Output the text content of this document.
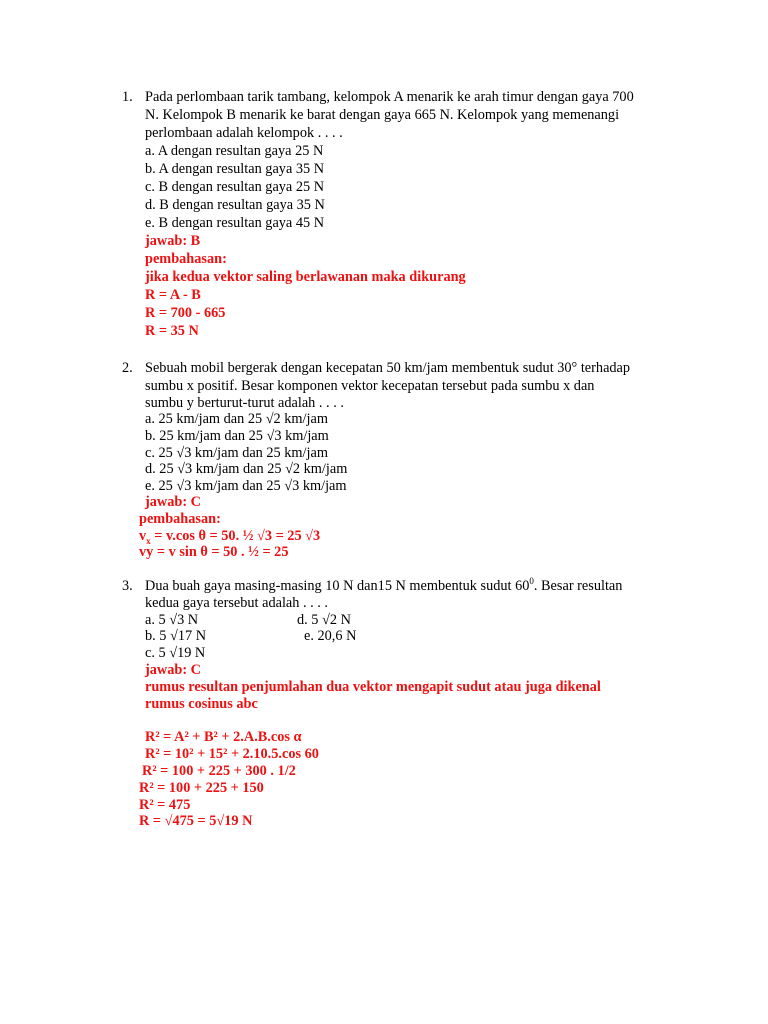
1. Pada perlombaan tarik tambang, kelompok A menarik ke arah timur dengan gaya 700
N. Kelompok B menarik ke barat dengan gaya 665 N. Kelompok yang memenangi
perlombaan adalah kelompok . . . .
a. A dengan resultan gaya 25 N
b. A dengan resultan gaya 35 N
c. B dengan resultan gaya 25 N
d. B dengan resultan gaya 35 N
e. B dengan resultan gaya 45 N
jawab: B
pembahasan:
jika kedua vektor saling berlawanan maka dikurang
R = A - B
R = 700 - 665
R = 35 N
2. Sebuah mobil bergerak dengan kecepatan 50 km/jam membentuk sudut 30° terhadap
sumbu x positif. Besar komponen vektor kecepatan tersebut pada sumbu x dan
sumbu y berturut-turut adalah . . . .
a. 25 km/jam dan 25 √2 km/jam
b. 25 km/jam dan 25 √3 km/jam
c. 25 √3 km/jam dan 25 km/jam
d. 25 √3 km/jam dan 25 √2 km/jam
e. 25 √3 km/jam dan 25 √3 km/jam
jawab: C
pembahasan:
$v_x = v.\cos$ θ = 50. ½ √3 = 25 √3
vy = v sin θ = 50 . ½ = 25
3. Dua buah gaya masing-masing 10 N dan15 N membentuk sudut $60^0$. Besar resultan
kedua gaya tersebut adalah . . . .
a. 5 √3 N	d. 5 √2 N
b. 5 √17 N	e. 20,6 N
c. 5 √19 N
jawab: C
rumus resultan penjumlahan dua vektor mengapit sudut atau juga dikenal
rumus cosinus abc
R² = A² + B² + 2.A.B.cos α
R² = 10² + 15² + 2.10.5.cos 60
R² = 100 + 225 + 300 . 1/2
R² = 100 + 225 + 150
R² = 475
R = √475 = 5√19 N
